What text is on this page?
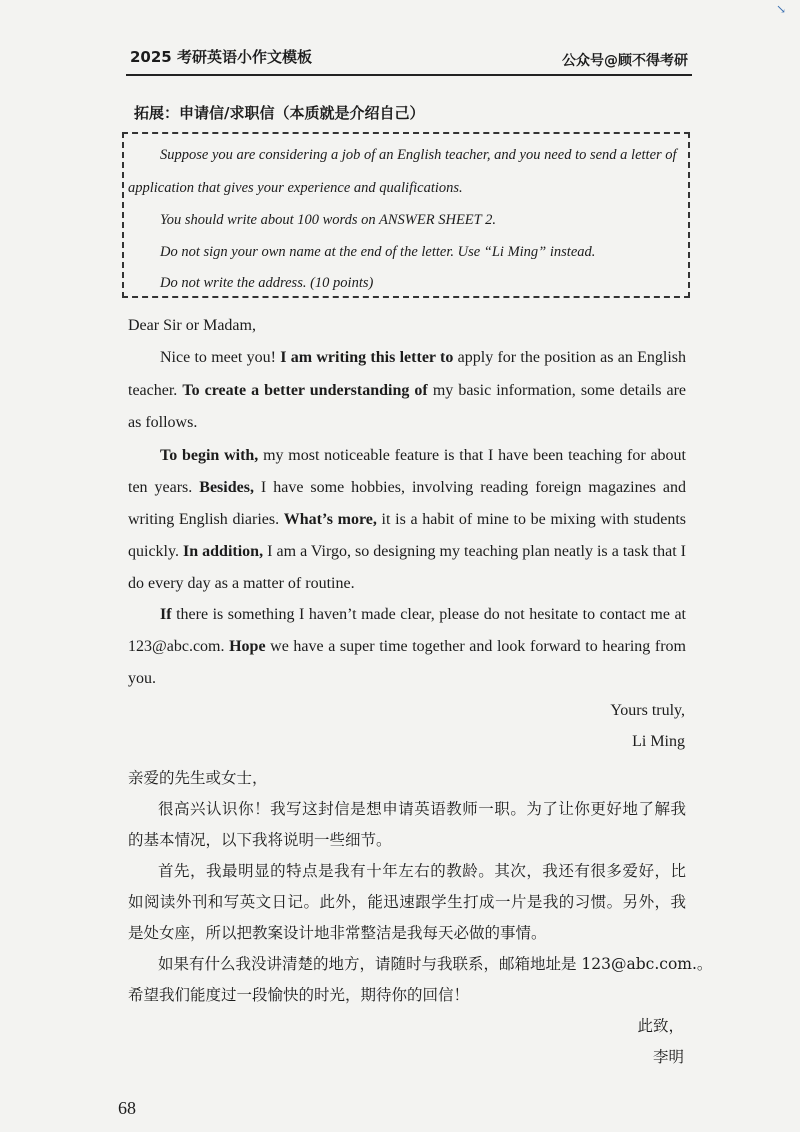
↘
2025 考研英语小作文模板	公众号@顾不得考研
拓展：申请信/求职信（本质就是介绍自己）
Suppose you are considering a job of an English teacher, and you need to send a letter of
application that gives your experience and qualifications.
You should write about 100 words on ANSWER SHEET 2.
Do not sign your own name at the end of the letter. Use “Li Ming” instead.
Do not write the address. (10 points)
Dear Sir or Madam,
Nice to meet you! I am writing this letter to apply for the position as an English
teacher. To create a better understanding of my basic information, some details are
as follows.
To begin with, my most noticeable feature is that I have been teaching for about
ten years. Besides, I have some hobbies, involving reading foreign magazines and
writing English diaries. What’s more, it is a habit of mine to be mixing with students
quickly. In addition, I am a Virgo, so designing my teaching plan neatly is a task that I
do every day as a matter of routine.
If there is something I haven’t made clear, please do not hesitate to contact me at
123@abc.com. Hope we have a super time together and look forward to hearing from
you.
Yours truly,
Li Ming
亲爱的先生或女士，
很高兴认识你！我写这封信是想申请英语教师一职。为了让你更好地了解我
的基本情况，以下我将说明一些细节。
首先，我最明显的特点是我有十年左右的教龄。其次，我还有很多爱好，比
如阅读外刊和写英文日记。此外，能迅速跟学生打成一片是我的习惯。另外，我
是处女座，所以把教案设计地非常整洁是我每天必做的事情。
如果有什么我没讲清楚的地方，请随时与我联系，邮箱地址是 123@abc.com.。
希望我们能度过一段愉快的时光，期待你的回信！
此致，
李明
68
